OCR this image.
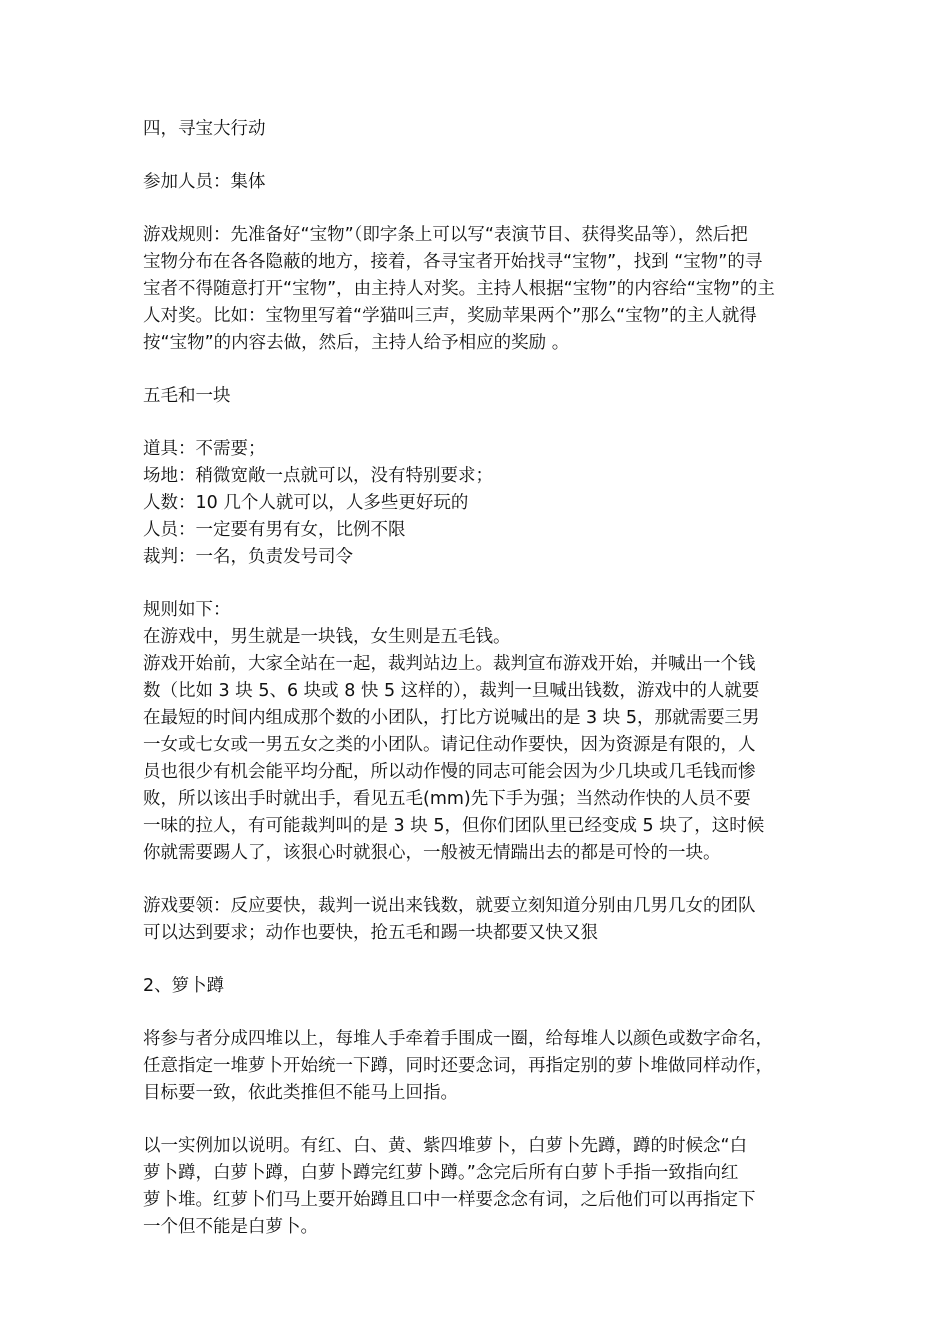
四，寻宝大行动
参加人员：集体
游戏规则：先准备好“宝物”（即字条上可以写“表演节目、获得奖品等），然后把
宝物分布在各各隐蔽的地方，接着，各寻宝者开始找寻“宝物”，找到 “宝物”的寻
宝者不得随意打开“宝物”，由主持人对奖。主持人根据“宝物”的内容给“宝物”的主
人对奖。比如：宝物里写着“学猫叫三声，奖励苹果两个”那么“宝物”的主人就得
按“宝物”的内容去做，然后，主持人给予相应的奖励 。
五毛和一块
道具：不需要；
场地：稍微宽敞一点就可以，没有特别要求；
人数：10 几个人就可以，人多些更好玩的
人员：一定要有男有女，比例不限
裁判：一名，负责发号司令
规则如下：
在游戏中，男生就是一块钱，女生则是五毛钱。
游戏开始前，大家全站在一起，裁判站边上。裁判宣布游戏开始，并喊出一个钱
数（比如 3 块 5、6 块或 8 快 5 这样的），裁判一旦喊出钱数，游戏中的人就要
在最短的时间内组成那个数的小团队，打比方说喊出的是 3 块 5，那就需要三男
一女或七女或一男五女之类的小团队。请记住动作要快，因为资源是有限的，人
员也很少有机会能平均分配，所以动作慢的同志可能会因为少几块或几毛钱而惨
败，所以该出手时就出手，看见五毛(mm)先下手为强；当然动作快的人员不要
一味的拉人，有可能裁判叫的是 3 块 5，但你们团队里已经变成 5 块了，这时候
你就需要踢人了，该狠心时就狠心，一般被无情踹出去的都是可怜的一块。
游戏要领：反应要快，裁判一说出来钱数，就要立刻知道分别由几男几女的团队
可以达到要求；动作也要快，抢五毛和踢一块都要又快又狠
2、箩卜蹲
将参与者分成四堆以上，每堆人手牵着手围成一圈，给每堆人以颜色或数字命名，
任意指定一堆萝卜开始统一下蹲，同时还要念词，再指定别的萝卜堆做同样动作，
目标要一致，依此类推但不能马上回指。
以一实例加以说明。有红、白、黄、紫四堆萝卜，白萝卜先蹲，蹲的时候念“白
萝卜蹲，白萝卜蹲，白萝卜蹲完红萝卜蹲。”念完后所有白萝卜手指一致指向红
萝卜堆。红萝卜们马上要开始蹲且口中一样要念念有词，之后他们可以再指定下
一个但不能是白萝卜。
